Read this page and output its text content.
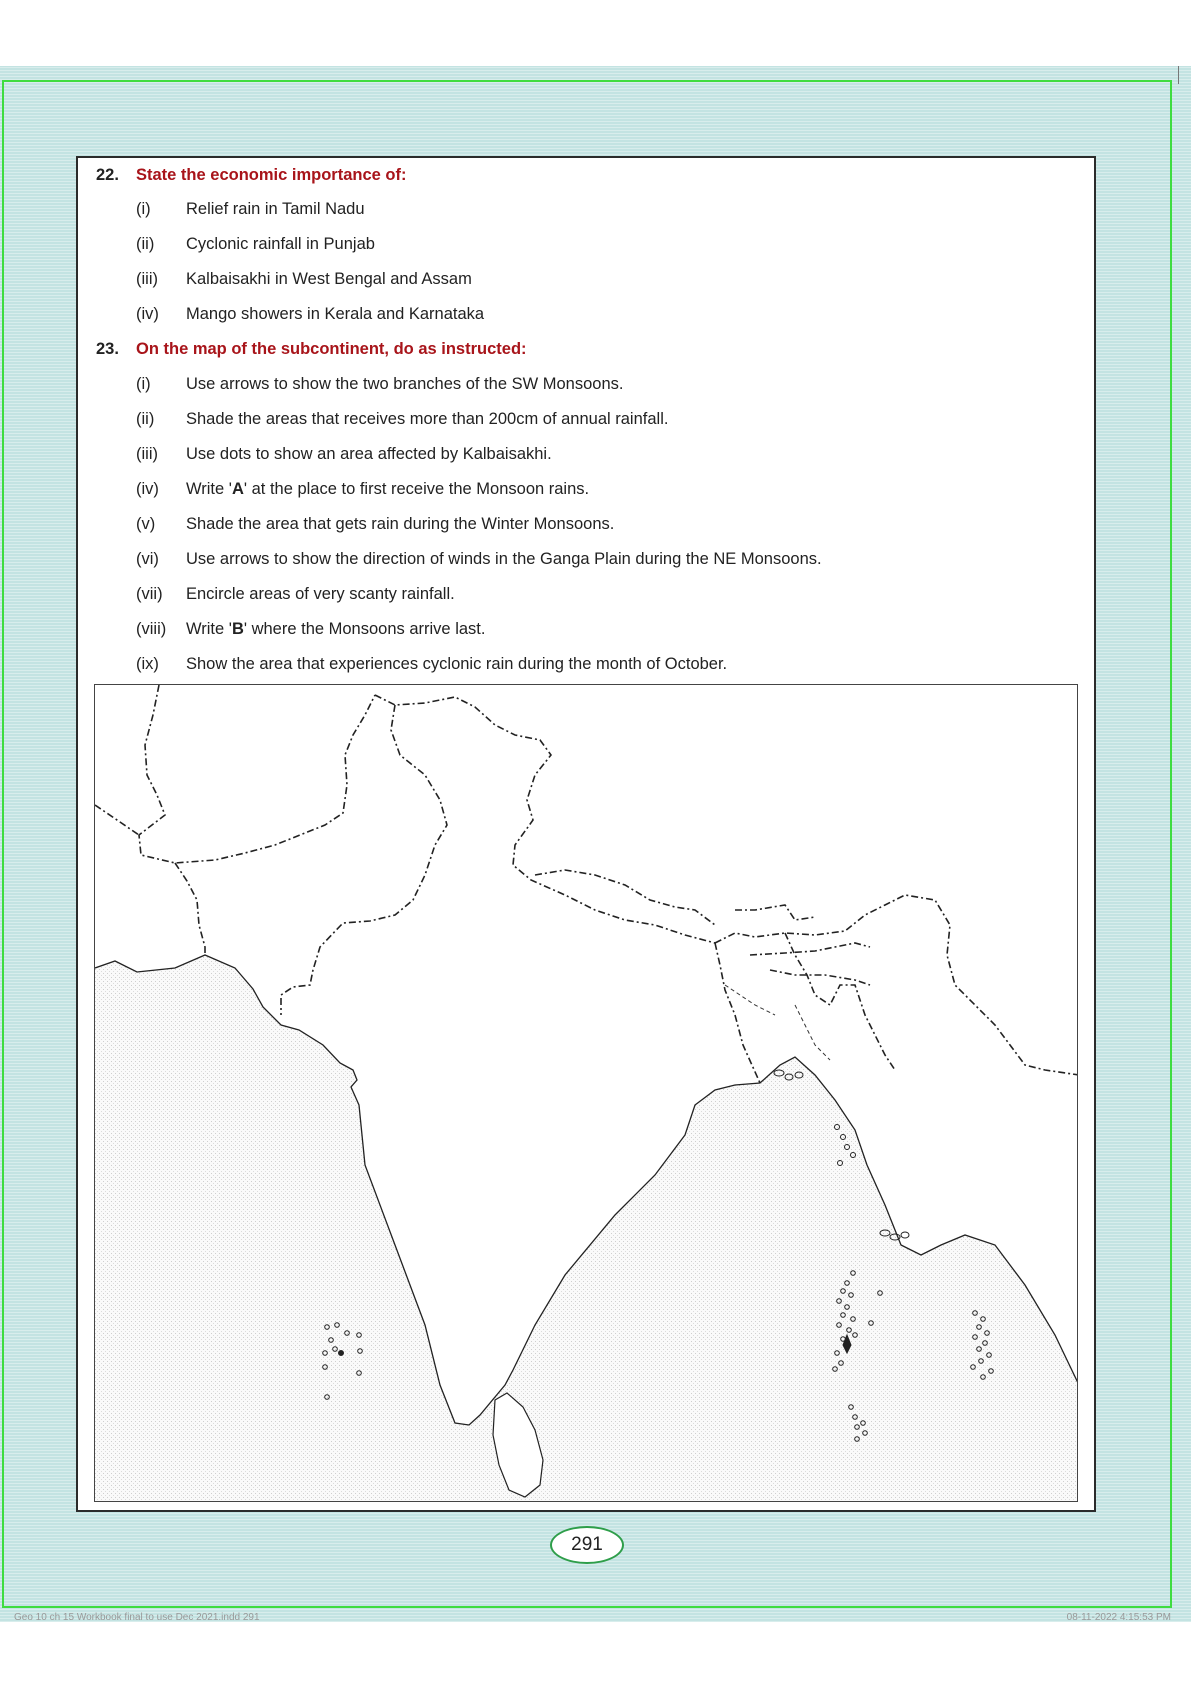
22. State the economic importance of:
(i) Relief rain in Tamil Nadu
(ii) Cyclonic rainfall in Punjab
(iii) Kalbaisakhi in West Bengal and Assam
(iv) Mango showers in Kerala and Karnataka
23. On the map of the subcontinent, do as instructed:
(i) Use arrows to show the two branches of the SW Monsoons.
(ii) Shade the areas that receives more than 200cm of annual rainfall.
(iii) Use dots to show an area affected by Kalbaisakhi.
(iv) Write 'A' at the place to first receive the Monsoon rains.
(v) Shade the area that gets rain during the Winter Monsoons.
(vi) Use arrows to show the direction of winds in the Ganga Plain during the NE Monsoons.
(vii) Encircle areas of very scanty rainfall.
(viii) Write 'B' where the Monsoons arrive last.
(ix) Show the area that experiences cyclonic rain during the month of October.
291
Geo 10 ch 15 Workbook final to use Dec 2021.indd 291	08-11-2022 4:15:53 PM
